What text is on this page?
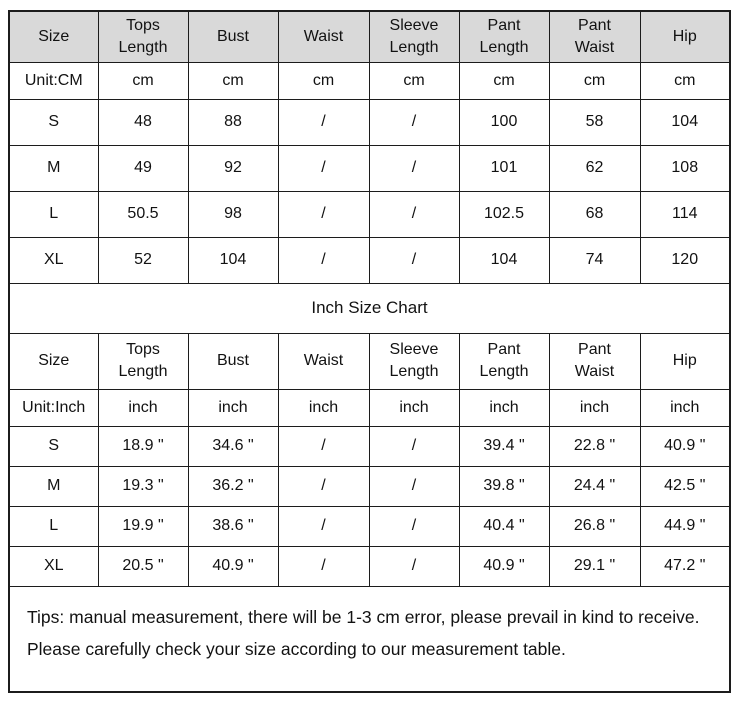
Size	Tops Length	Bust	Waist	Sleeve Length	Pant Length	Pant Waist	Hip
Unit:CM	cm	cm	cm	cm	cm	cm	cm
S	48	88	/	/	100	58	104
M	49	92	/	/	101	62	108
L	50.5	98	/	/	102.5	68	114
XL	52	104	/	/	104	74	120
Inch Size Chart							
Size	Tops Length	Bust	Waist	Sleeve Length	Pant Length	Pant Waist	Hip
Unit:Inch	inch	inch	inch	inch	inch	inch	inch
S	18.9 "	34.6 "	/	/	39.4 "	22.8 "	40.9 "
M	19.3 "	36.2 "	/	/	39.8 "	24.4 "	42.5 "
L	19.9 "	38.6 "	/	/	40.4 "	26.8 "	44.9 "
XL	20.5 "	40.9 "	/	/	40.9 "	29.1 "	47.2 "

Tips: manual measurement, there will be 1-3 cm error, please prevail in kind to receive.
Please carefully check your size according to our measurement table.							
